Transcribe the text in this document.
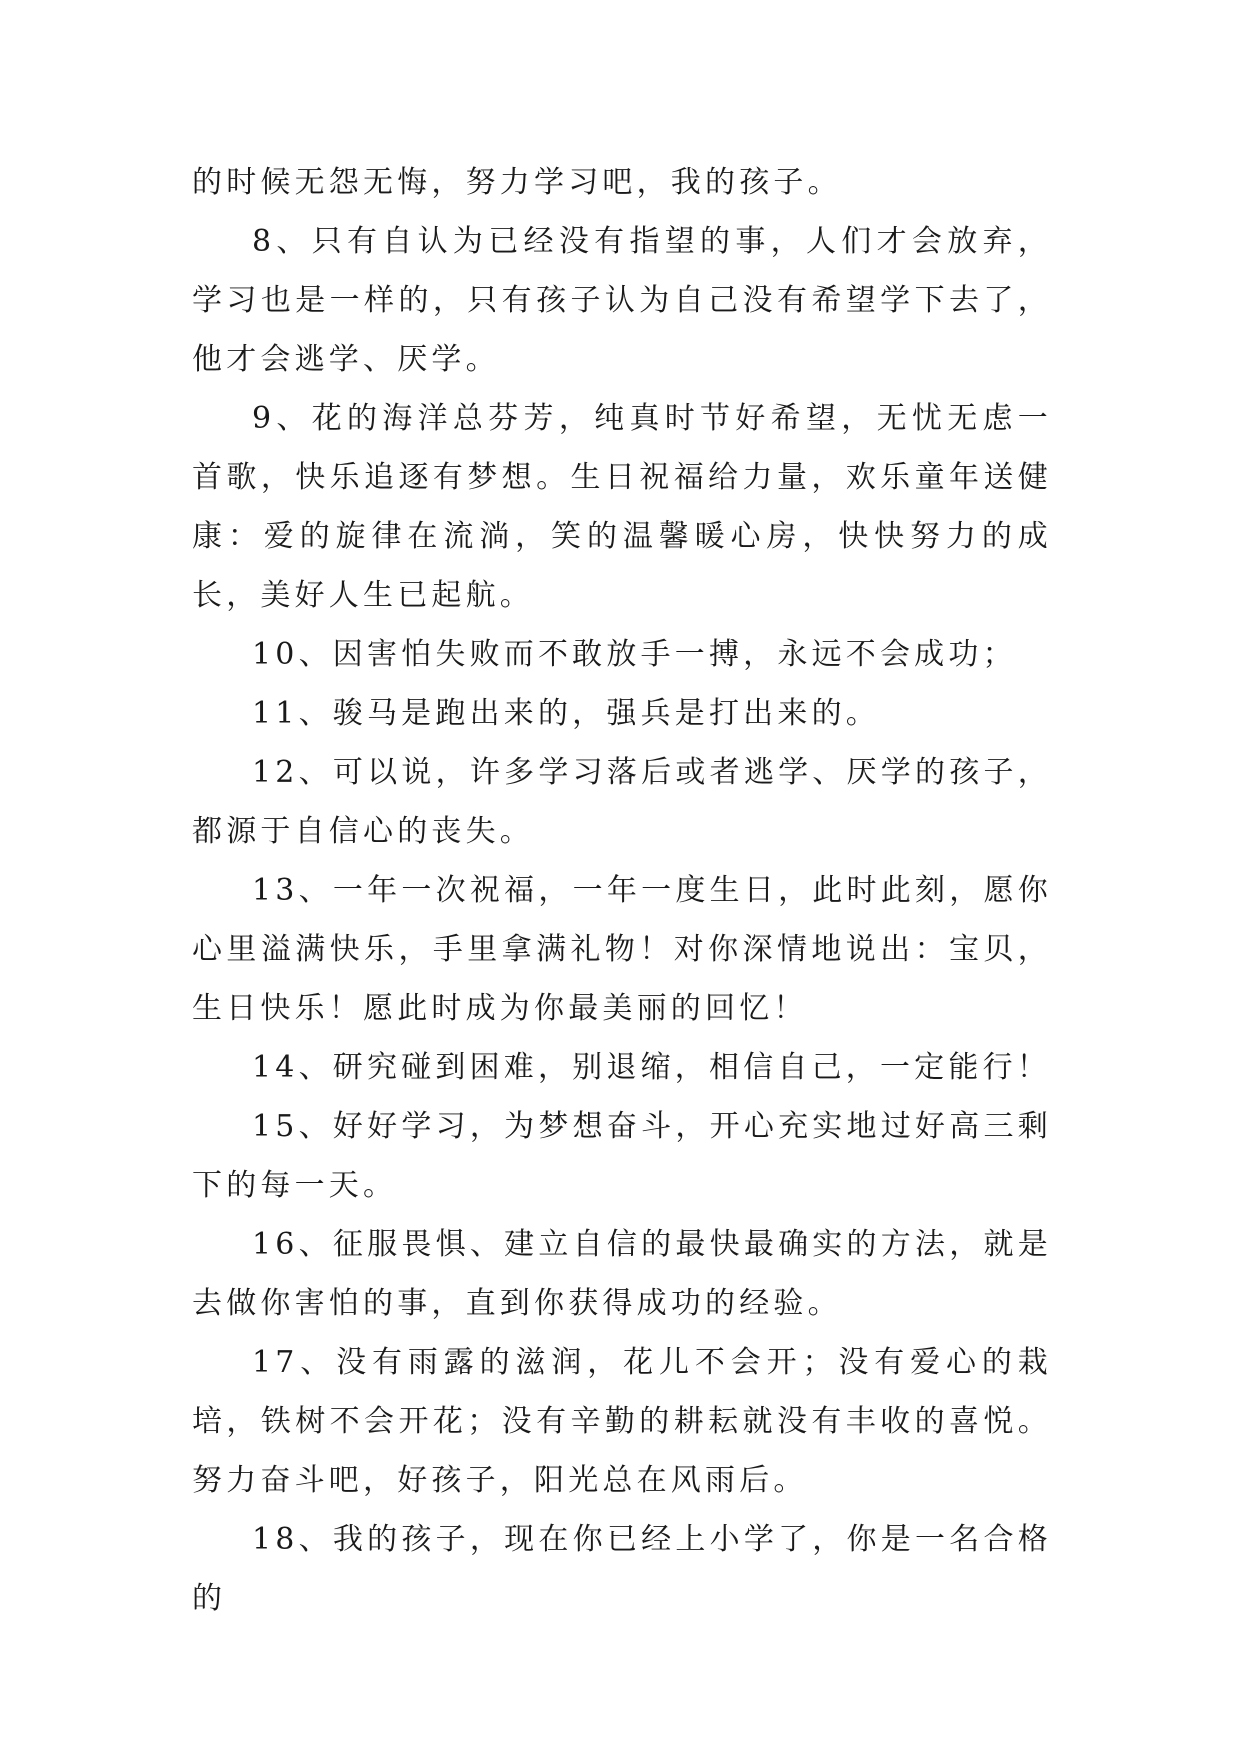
的时候无怨无悔，努力学习吧，我的孩子。

8、只有自认为已经没有指望的事，人们才会放弃，学习也是一样的，只有孩子认为自己没有希望学下去了，他才会逃学、厌学。

9、花的海洋总芬芳，纯真时节好希望，无忧无虑一首歌，快乐追逐有梦想。生日祝福给力量，欢乐童年送健康：爱的旋律在流淌，笑的温馨暖心房，快快努力的成长，美好人生已起航。

10、因害怕失败而不敢放手一搏，永远不会成功；

11、骏马是跑出来的，强兵是打出来的。

12、可以说，许多学习落后或者逃学、厌学的孩子，都源于自信心的丧失。

13、一年一次祝福，一年一度生日，此时此刻，愿你心里溢满快乐，手里拿满礼物！对你深情地说出：宝贝，生日快乐！愿此时成为你最美丽的回忆！

14、研究碰到困难，别退缩，相信自己，一定能行！

15、好好学习，为梦想奋斗，开心充实地过好高三剩下的每一天。

16、征服畏惧、建立自信的最快最确实的方法，就是去做你害怕的事，直到你获得成功的经验。

17、没有雨露的滋润，花儿不会开；没有爱心的栽培，铁树不会开花；没有辛勤的耕耘就没有丰收的喜悦。努力奋斗吧，好孩子，阳光总在风雨后。

18、我的孩子，现在你已经上小学了，你是一名合格的
